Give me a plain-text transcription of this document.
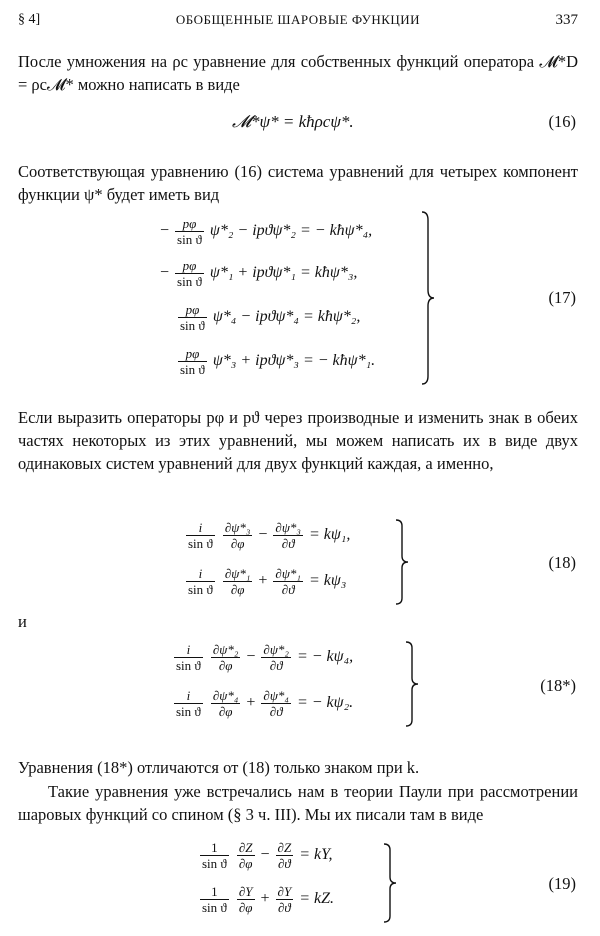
§ 4]	ОБОБЩЕННЫЕ ШАРОВЫЕ ФУНКЦИИ	337

После умножения на ρc уравнение для собственных функций оператора 𝓜*D = ρc𝓜* можно написать в виде

𝓜*ψ* = kħρcψ*.	(16)

Соответствующая уравнению (16) система уравнений для четырех компонент функции ψ* будет иметь вид

− $\frac{p\varphi}{\text{sin ϑ}} \psi*_2 - ipϑ\psi*_2$ = − kħψ*₄,
− $\frac{p\varphi}{\text{sin ϑ}} \psi*_1 + ipϑ\psi*_1$ = kħψ*₃,
$\frac{p\varphi}{\text{sin ϑ}} \psi*_4 - ipϑ\psi*_4$ = kħψ*₂,
$\frac{p\varphi}{\text{sin ϑ}} \psi*_3 + ipϑ\psi*_3$ = − kħψ*₁.
(17)

Если выразить операторы pφ и pϑ через производные и изменить знак в обеих частях некоторых из этих уравнений, мы можем написать их в виде двух одинаковых систем уравнений для двух функций каждая, а именно,

$\frac{i}{\text{sin ϑ}}$
$\frac{\text{∂ψ*₃}}{\partial\varphi} - \frac{\text{∂ψ*₃}}{\partial ϑ} = k\psi_1$,
$\frac{i}{\text{sin ϑ}}$
$\frac{\text{∂ψ*₁}}{\partial\varphi} + \frac{\text{∂ψ*₁}}{\partial ϑ} = k\psi_3$
(18)
и
$\frac{i}{\text{sin ϑ}}$
$\frac{\text{∂ψ*₂}}{\partial\varphi} - \frac{\text{∂ψ*₂}}{\partial ϑ}$ = − kψ₄,
$\frac{i}{\text{sin ϑ}}$
$\frac{\text{∂ψ*₄}}{\partial\varphi} + \frac{\text{∂ψ*₄}}{\partial ϑ}$ = − kψ₂.
(18*)

Уравнения (18*) отличаются от (18) только знаком при k.

Такие уравнения уже встречались нам в теории Паули при рассмотрении шаровых функций со спином (§ 3 ч. III). Мы их писали там в виде

$\frac{1}{\text{sin ϑ}}$
$\frac{\partial Z}{\partial\varphi} - \frac{\partial Z}{\partial ϑ}$ = kY,
$\frac{1}{\text{sin ϑ}}$
$\frac{\partial Y}{\partial\varphi} + \frac{\partial Y}{\partial ϑ}$ = kZ.
(19)
